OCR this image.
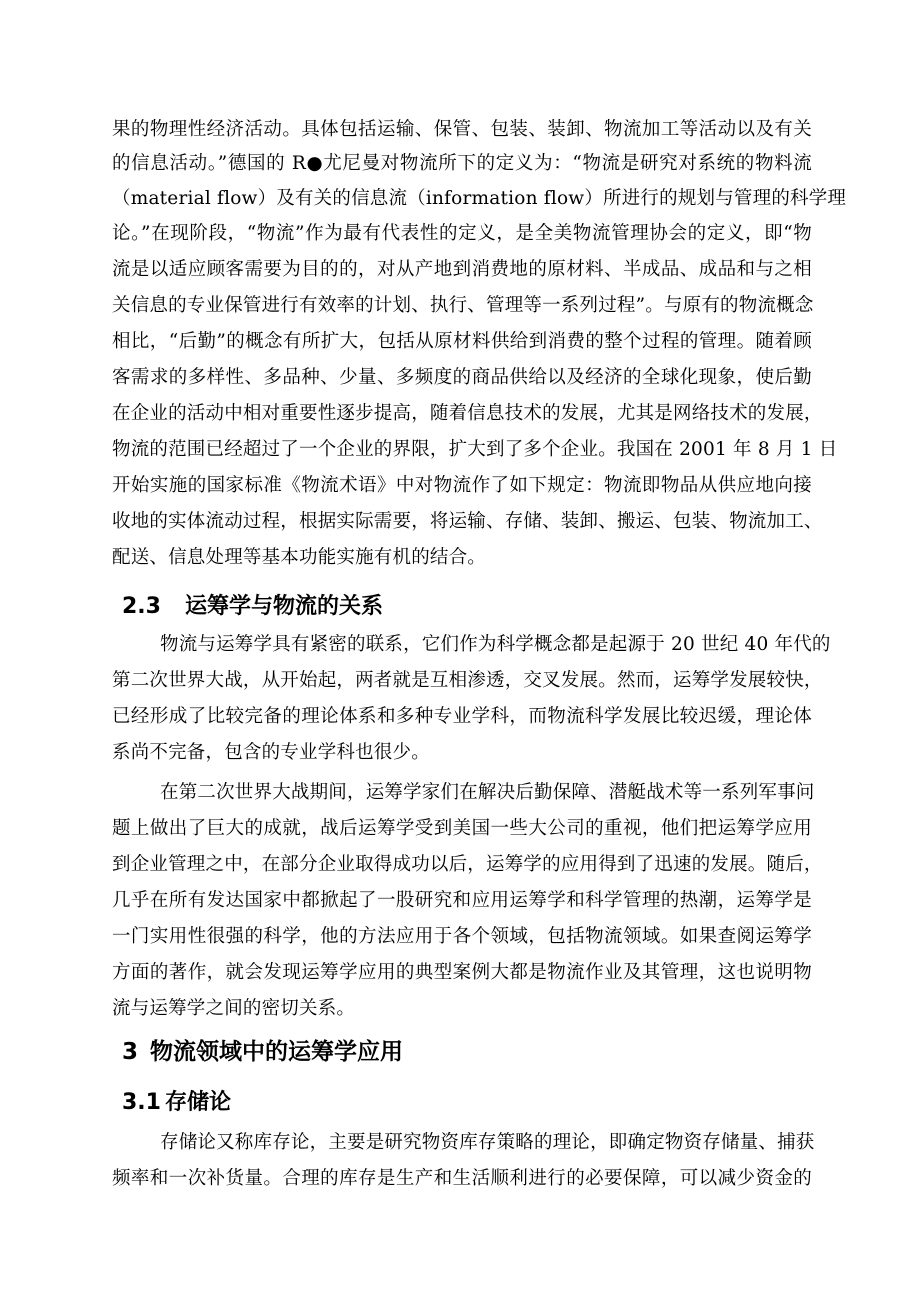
果的物理性经济活动。具体包括运输、保管、包装、装卸、物流加工等活动以及有关
的信息活动。”德国的 R●尤尼曼对物流所下的定义为：“物流是研究对系统的物料流
（material flow）及有关的信息流（information flow）所进行的规划与管理的科学理
论。”在现阶段，“物流”作为最有代表性的定义，是全美物流管理协会的定义，即“物
流是以适应顾客需要为目的的，对从产地到消费地的原材料、半成品、成品和与之相
关信息的专业保管进行有效率的计划、执行、管理等一系列过程”。与原有的物流概念
相比，“后勤”的概念有所扩大，包括从原材料供给到消费的整个过程的管理。随着顾
客需求的多样性、多品种、少量、多频度的商品供给以及经济的全球化现象，使后勤
在企业的活动中相对重要性逐步提高，随着信息技术的发展，尤其是网络技术的发展，
物流的范围已经超过了一个企业的界限，扩大到了多个企业。我国在 2001 年 8 月 1 日
开始实施的国家标准《物流术语》中对物流作了如下规定：物流即物品从供应地向接
收地的实体流动过程，根据实际需要，将运输、存储、装卸、搬运、包装、物流加工、
配送、信息处理等基本功能实施有机的结合。
2.3 运筹学与物流的关系
物流与运筹学具有紧密的联系，它们作为科学概念都是起源于 20 世纪 40 年代的
第二次世界大战，从开始起，两者就是互相渗透，交叉发展。然而，运筹学发展较快，
已经形成了比较完备的理论体系和多种专业学科，而物流科学发展比较迟缓，理论体
系尚不完备，包含的专业学科也很少。
在第二次世界大战期间，运筹学家们在解决后勤保障、潜艇战术等一系列军事问
题上做出了巨大的成就，战后运筹学受到美国一些大公司的重视，他们把运筹学应用
到企业管理之中，在部分企业取得成功以后，运筹学的应用得到了迅速的发展。随后，
几乎在所有发达国家中都掀起了一股研究和应用运筹学和科学管理的热潮，运筹学是
一门实用性很强的科学，他的方法应用于各个领域，包括物流领域。如果查阅运筹学
方面的著作，就会发现运筹学应用的典型案例大都是物流作业及其管理，这也说明物
流与运筹学之间的密切关系。
3 物流领域中的运筹学应用
3.1 存储论
存储论又称库存论，主要是研究物资库存策略的理论，即确定物资存储量、捕获
频率和一次补货量。合理的库存是生产和生活顺利进行的必要保障，可以减少资金的
